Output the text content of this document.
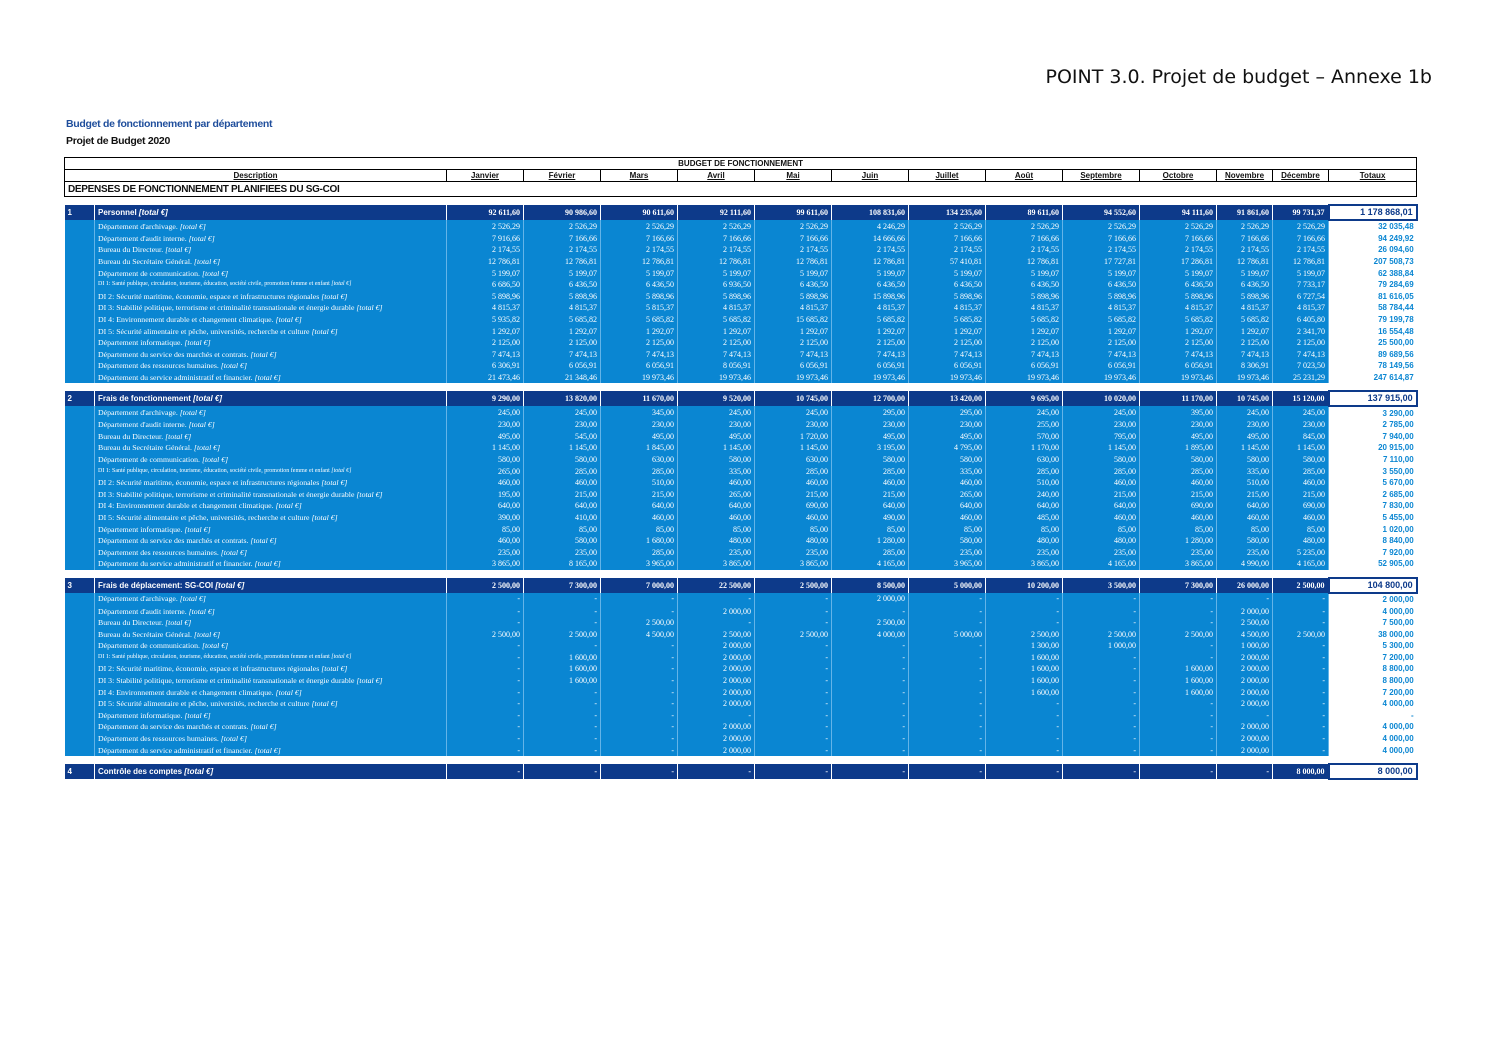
POINT 3.0. Projet de budget – Annexe 1b
Budget de fonctionnement par département
Projet de Budget 2020
BUDGET DE FONCTIONNEMENT														
Description		Janvier	Février	Mars	Avril	Mai	Juin	Juillet	Août	Septembre	Octobre	Novembre	Décembre	Totaux
DEPENSES DE FONCTIONNEMENT PLANIFIEES DU SG-COI														

1	Personnel [total €]	92 611,60	90 986,60	90 611,60	92 111,60	99 611,60	108 831,60	134 235,60	89 611,60	94 552,60	94 111,60	91 861,60	99 731,37	1 178 868,01
	Département d'archivage. [total €]	2 526,29	2 526,29	2 526,29	2 526,29	2 526,29	4 246,29	2 526,29	2 526,29	2 526,29	2 526,29	2 526,29	2 526,29	32 035,48
	Département d'audit interne. [total €]	7 916,66	7 166,66	7 166,66	7 166,66	7 166,66	14 666,66	7 166,66	7 166,66	7 166,66	7 166,66	7 166,66	7 166,66	94 249,92
	Bureau du Directeur. [total €]	2 174,55	2 174,55	2 174,55	2 174,55	2 174,55	2 174,55	2 174,55	2 174,55	2 174,55	2 174,55	2 174,55	2 174,55	26 094,60
	Bureau du Secrétaire Général. [total €]	12 786,81	12 786,81	12 786,81	12 786,81	12 786,81	12 786,81	57 410,81	12 786,81	17 727,81	17 286,81	12 786,81	12 786,81	207 508,73
	Département de communication. [total €]	5 199,07	5 199,07	5 199,07	5 199,07	5 199,07	5 199,07	5 199,07	5 199,07	5 199,07	5 199,07	5 199,07	5 199,07	62 388,84
	DI 1: Santé publique, circulation, tourisme, éducation, société civile, promotion femme et enfant [total €]	6 686,50	6 436,50	6 436,50	6 936,50	6 436,50	6 436,50	6 436,50	6 436,50	6 436,50	6 436,50	6 436,50	7 733,17	79 284,69
	DI 2: Sécurité maritime, économie, espace et infrastructures régionales [total €]	5 898,96	5 898,96	5 898,96	5 898,96	5 898,96	15 898,96	5 898,96	5 898,96	5 898,96	5 898,96	5 898,96	6 727,54	81 616,05
	DI 3: Stabilité politique, terrorisme et criminalité transnationale et énergie durable [total €]	4 815,37	4 815,37	5 815,37	4 815,37	4 815,37	4 815,37	4 815,37	4 815,37	4 815,37	4 815,37	4 815,37	4 815,37	58 784,44
	DI 4: Environnement durable et changement climatique. [total €]	5 935,82	5 685,82	5 685,82	5 685,82	15 685,82	5 685,82	5 685,82	5 685,82	5 685,82	5 685,82	5 685,82	6 405,80	79 199,78
	DI 5: Sécurité alimentaire et pêche, universités, recherche et culture [total €]	1 292,07	1 292,07	1 292,07	1 292,07	1 292,07	1 292,07	1 292,07	1 292,07	1 292,07	1 292,07	1 292,07	2 341,70	16 554,48
	Département informatique. [total €]	2 125,00	2 125,00	2 125,00	2 125,00	2 125,00	2 125,00	2 125,00	2 125,00	2 125,00	2 125,00	2 125,00	2 125,00	25 500,00
	Département du service des marchés et contrats. [total €]	7 474,13	7 474,13	7 474,13	7 474,13	7 474,13	7 474,13	7 474,13	7 474,13	7 474,13	7 474,13	7 474,13	7 474,13	89 689,56
	Département des ressources humaines. [total €]	6 306,91	6 056,91	6 056,91	8 056,91	6 056,91	6 056,91	6 056,91	6 056,91	6 056,91	6 056,91	8 306,91	7 023,50	78 149,56
	Département du service administratif et financier. [total €]	21 473,46	21 348,46	19 973,46	19 973,46	19 973,46	19 973,46	19 973,46	19 973,46	19 973,46	19 973,46	19 973,46	25 231,29	247 614,87

2	Frais de fonctionnement [total €]	9 290,00	13 820,00	11 670,00	9 520,00	10 745,00	12 700,00	13 420,00	9 695,00	10 020,00	11 170,00	10 745,00	15 120,00	137 915,00
	Département d'archivage. [total €]	245,00	245,00	345,00	245,00	245,00	295,00	295,00	245,00	245,00	395,00	245,00	245,00	3 290,00
	Département d'audit interne. [total €]	230,00	230,00	230,00	230,00	230,00	230,00	230,00	255,00	230,00	230,00	230,00	230,00	2 785,00
	Bureau du Directeur. [total €]	495,00	545,00	495,00	495,00	1 720,00	495,00	495,00	570,00	795,00	495,00	495,00	845,00	7 940,00
	Bureau du Secrétaire Général. [total €]	1 145,00	1 145,00	1 845,00	1 145,00	1 145,00	3 195,00	4 795,00	1 170,00	1 145,00	1 895,00	1 145,00	1 145,00	20 915,00
	Département de communication. [total €]	580,00	580,00	630,00	580,00	630,00	580,00	580,00	630,00	580,00	580,00	580,00	580,00	7 110,00
	DI 1: Santé publique, circulation, tourisme, éducation, société civile, promotion femme et enfant [total €]	265,00	285,00	285,00	335,00	285,00	285,00	335,00	285,00	285,00	285,00	335,00	285,00	3 550,00
	DI 2: Sécurité maritime, économie, espace et infrastructures régionales [total €]	460,00	460,00	510,00	460,00	460,00	460,00	460,00	510,00	460,00	460,00	510,00	460,00	5 670,00
	DI 3: Stabilité politique, terrorisme et criminalité transnationale et énergie durable [total €]	195,00	215,00	215,00	265,00	215,00	215,00	265,00	240,00	215,00	215,00	215,00	215,00	2 685,00
	DI 4: Environnement durable et changement climatique. [total €]	640,00	640,00	640,00	640,00	690,00	640,00	640,00	640,00	640,00	690,00	640,00	690,00	7 830,00
	DI 5: Sécurité alimentaire et pêche, universités, recherche et culture [total €]	390,00	410,00	460,00	460,00	460,00	490,00	460,00	485,00	460,00	460,00	460,00	460,00	5 455,00
	Département informatique. [total €]	85,00	85,00	85,00	85,00	85,00	85,00	85,00	85,00	85,00	85,00	85,00	85,00	1 020,00
	Département du service des marchés et contrats. [total €]	460,00	580,00	1 680,00	480,00	480,00	1 280,00	580,00	480,00	480,00	1 280,00	580,00	480,00	8 840,00
	Département des ressources humaines. [total €]	235,00	235,00	285,00	235,00	235,00	285,00	235,00	235,00	235,00	235,00	235,00	5 235,00	7 920,00
	Département du service administratif et financier. [total €]	3 865,00	8 165,00	3 965,00	3 865,00	3 865,00	4 165,00	3 965,00	3 865,00	4 165,00	3 865,00	4 990,00	4 165,00	52 905,00

3	Frais de déplacement: SG-COI [total €]	2 500,00	7 300,00	7 000,00	22 500,00	2 500,00	8 500,00	5 000,00	10 200,00	3 500,00	7 300,00	26 000,00	2 500,00	104 800,00
	Département d'archivage. [total €]	-	-	-	-	-	2 000,00	-	-	-	-	-	-	2 000,00
	Département d'audit interne. [total €]	-	-	-	2 000,00	-	-	-	-	-	-	2 000,00	-	4 000,00
	Bureau du Directeur. [total €]	-	-	2 500,00	-	-	2 500,00	-	-	-	-	2 500,00	-	7 500,00
	Bureau du Secrétaire Général. [total €]	2 500,00	2 500,00	4 500,00	2 500,00	2 500,00	4 000,00	5 000,00	2 500,00	2 500,00	2 500,00	4 500,00	2 500,00	38 000,00
	Département de communication. [total €]	-	-	-	2 000,00	-	-	-	1 300,00	1 000,00	-	1 000,00	-	5 300,00
	DI 1: Santé publique, circulation, tourisme, éducation, société civile, promotion femme et enfant [total €]	-	1 600,00	-	2 000,00	-	-	-	1 600,00	-	-	2 000,00	-	7 200,00
	DI 2: Sécurité maritime, économie, espace et infrastructures régionales [total €]	-	1 600,00	-	2 000,00	-	-	-	1 600,00	-	1 600,00	2 000,00	-	8 800,00
	DI 3: Stabilité politique, terrorisme et criminalité transnationale et énergie durable [total €]	-	1 600,00	-	2 000,00	-	-	-	1 600,00	-	1 600,00	2 000,00	-	8 800,00
	DI 4: Environnement durable et changement climatique. [total €]	-	-	-	2 000,00	-	-	-	1 600,00	-	1 600,00	2 000,00	-	7 200,00
	DI 5: Sécurité alimentaire et pêche, universités, recherche et culture [total €]	-	-	-	2 000,00	-	-	-	-	-	-	2 000,00	-	4 000,00
	Département informatique. [total €]	-	-	-	-	-	-	-	-	-	-	-	-	-
	Département du service des marchés et contrats. [total €]	-	-	-	2 000,00	-	-	-	-	-	-	2 000,00	-	4 000,00
	Département des ressources humaines. [total €]	-	-	-	2 000,00	-	-	-	-	-	-	2 000,00	-	4 000,00
	Département du service administratif et financier. [total €]	-	-	-	2 000,00	-	-	-	-	-	-	2 000,00	-	4 000,00

4	Contrôle des comptes [total €]	-	-	-	-	-	-	-	-	-	-	-	8 000,00	8 000,00
